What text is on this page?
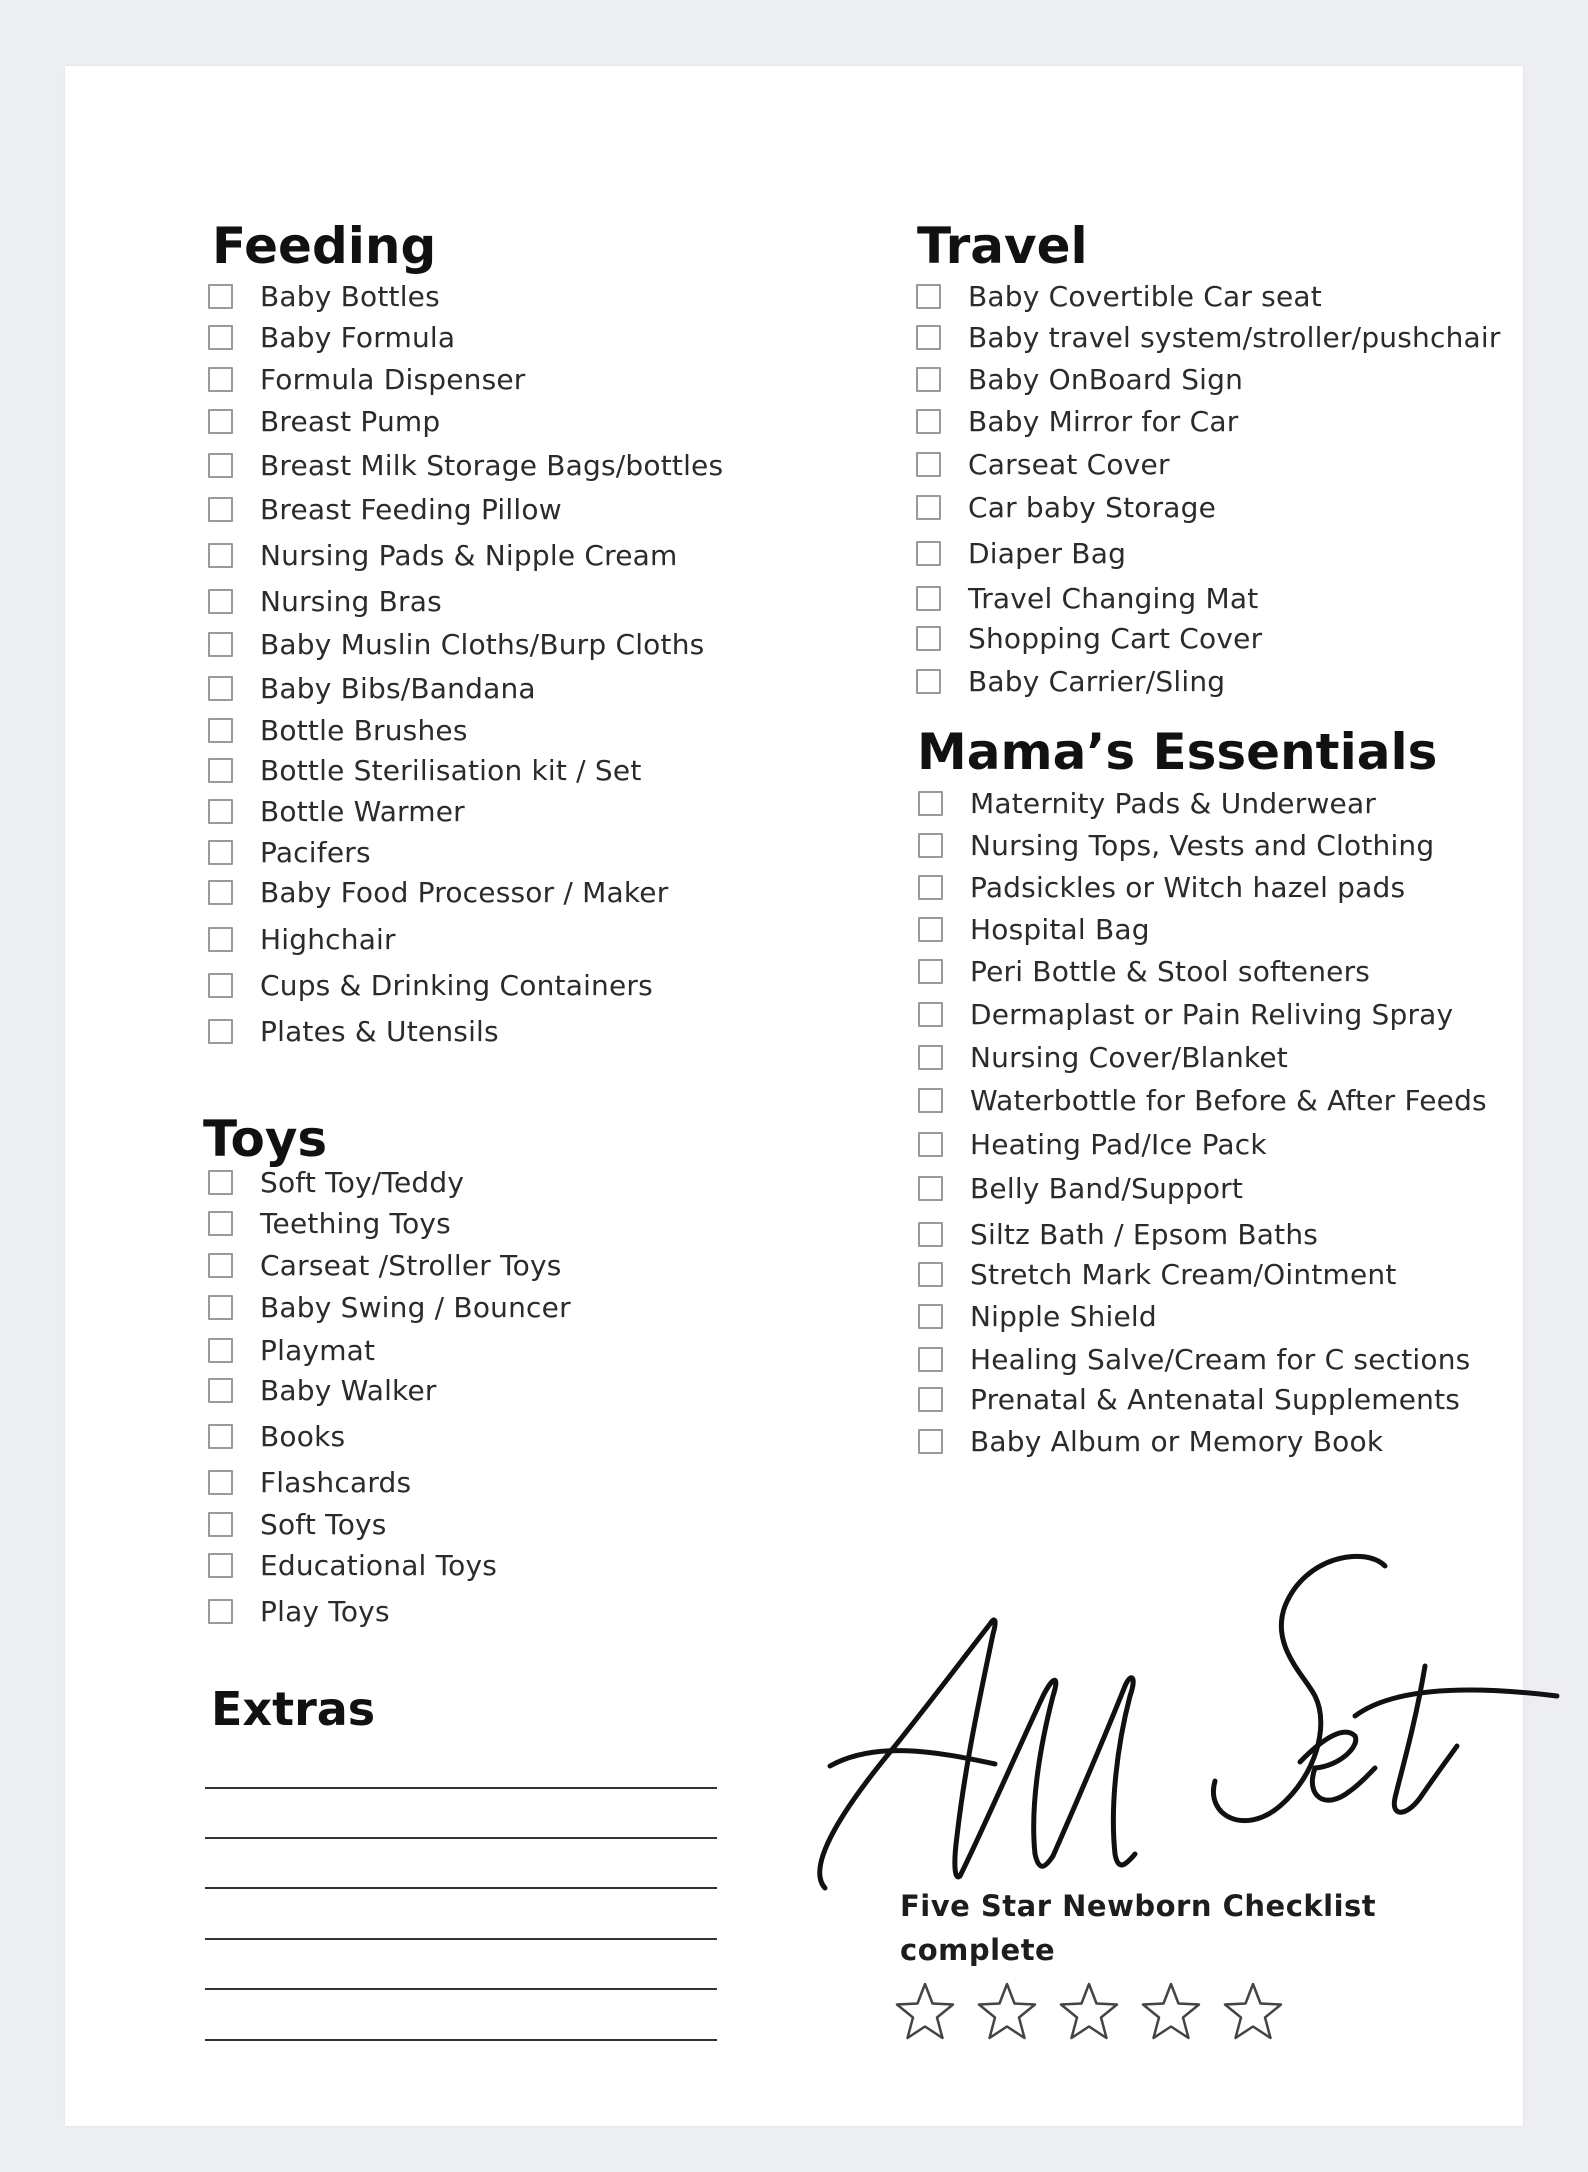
Feeding
Baby Bottles
Baby Formula
Formula Dispenser
Breast Pump
Breast Milk Storage Bags/bottles
Breast Feeding Pillow
Nursing Pads & Nipple Cream
Nursing Bras
Baby Muslin Cloths/Burp Cloths
Baby Bibs/Bandana
Bottle Brushes
Bottle Sterilisation kit / Set
Bottle Warmer
Pacifers
Baby Food Processor / Maker
Highchair
Cups & Drinking Containers
Plates & Utensils
Toys
Soft Toy/Teddy
Teething Toys
Carseat /Stroller Toys
Baby Swing / Bouncer
Playmat
Baby Walker
Books
Flashcards
Soft Toys
Educational Toys
Play Toys
Extras
Travel
Baby Covertible Car seat
Baby travel system/stroller/pushchair
Baby OnBoard Sign
Baby Mirror for Car
Carseat Cover
Car baby Storage
Diaper Bag
Travel Changing Mat
Shopping Cart Cover
Baby Carrier/Sling
Mama’s Essentials
Maternity Pads & Underwear
Nursing Tops, Vests and Clothing
Padsickles or Witch hazel pads
Hospital Bag
Peri Bottle & Stool softeners
Dermaplast or Pain Reliving Spray
Nursing Cover/Blanket
Waterbottle for Before & After Feeds
Heating Pad/Ice Pack
Belly Band/Support
Siltz Bath / Epsom Baths
Stretch Mark Cream/Ointment
Nipple Shield
Healing Salve/Cream for C sections
Prenatal & Antenatal Supplements
Baby Album or Memory Book
Five Star Newborn Checklist complete
